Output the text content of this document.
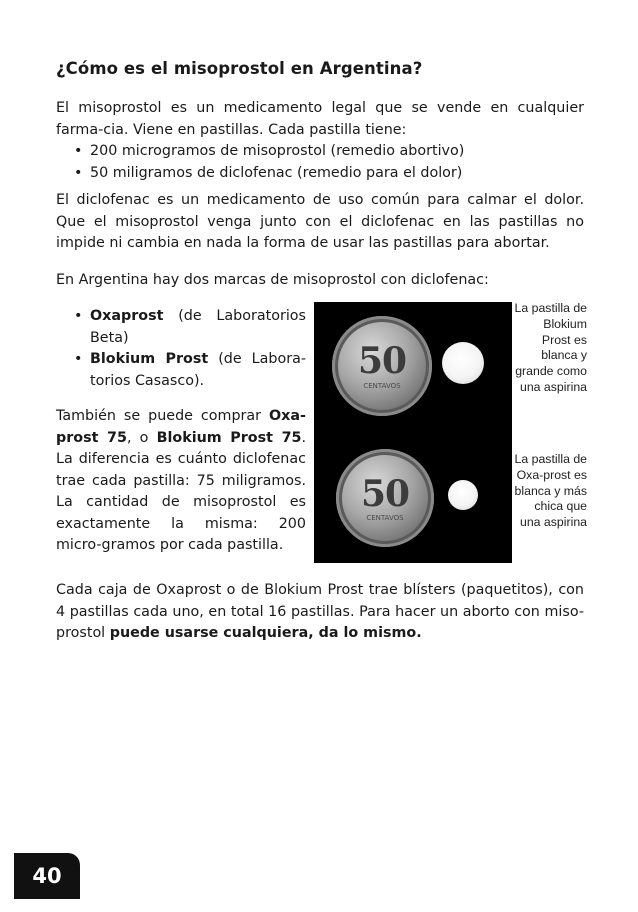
¿Cómo es el misoprostol en Argentina?
El misoprostol es un medicamento legal que se vende en cualquier farma-cia. Viene en pastillas. Cada pastilla tiene:
• 200 microgramos de misoprostol (remedio abortivo)
• 50 miligramos de diclofenac (remedio para el dolor)

El diclofenac es un medicamento de uso común para calmar el dolor. Que el misoprostol venga junto con el diclofenac en las pastillas no impide ni cambia en nada la forma de usar las pastillas para abortar.

En Argentina hay dos marcas de misoprostol con diclofenac:

• Oxaprost (de Laboratorios Beta)
• Blokium Prost (de Labora-torios Casasco).

También se puede comprar Oxa-prost 75, o Blokium Prost 75. La diferencia es cuánto diclofenac trae cada pastilla: 75 miligramos. La cantidad de misoprostol es exactamente la misma: 200 micro-gramos por cada pastilla.

50
CENTAVOS
La pastilla de Blokium Prost es blanca y grande como una aspirina
50
CENTAVOS
La pastilla de Oxa-prost es blanca y más chica que una aspirina

Cada caja de Oxaprost o de Blokium Prost trae blísters (paquetitos), con 4 pastillas cada uno, en total 16 pastillas. Para hacer un aborto con miso-prostol puede usarse cualquiera, da lo mismo.

40
